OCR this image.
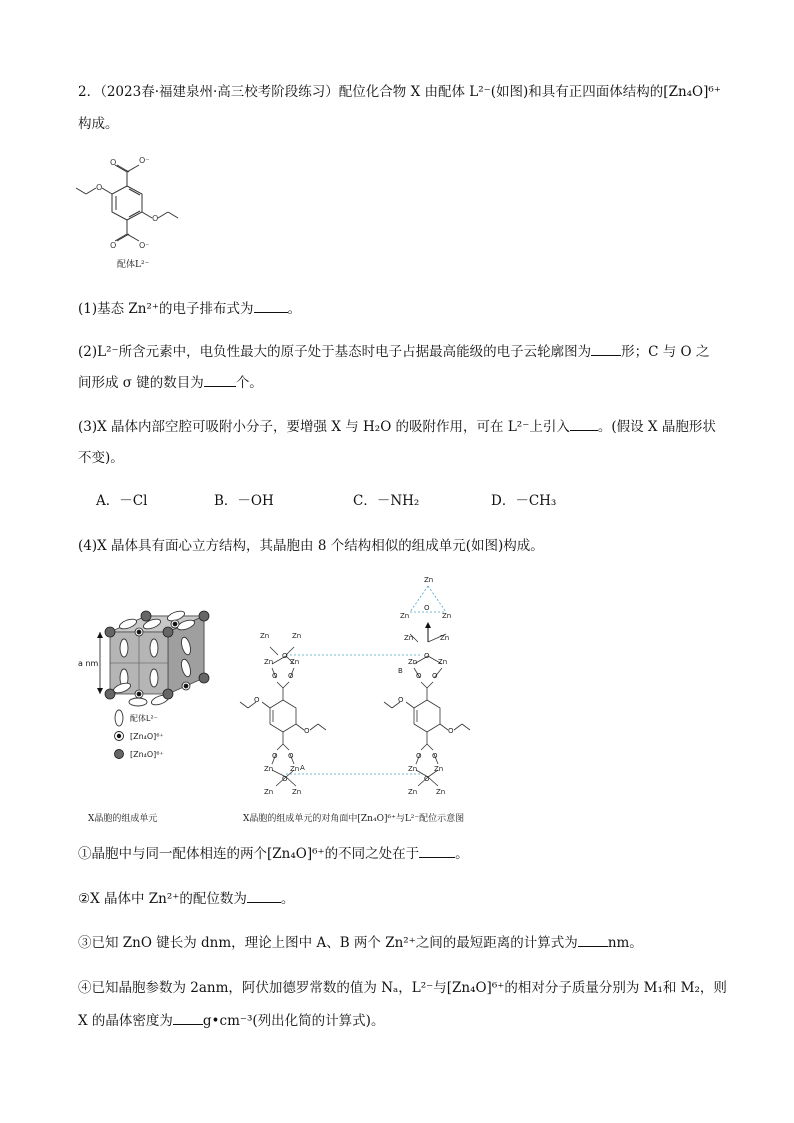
2．（2023春·福建泉州·高三校考阶段练习）配位化合物 X 由配体 L²⁻(如图)和具有正四面体结构的[Zn₄O]⁶⁺
构成。
O	O⁻
O
O
O	O⁻
配体L²⁻
(1)基态 Zn²⁺的电子排布式为	。
(2)L²⁻所含元素中，电负性最大的原子处于基态时电子占据最高能级的电子云轮廓图为 形；C 与 O 之
间形成 σ 键的数目为 个。
(3)X 晶体内部空腔可吸附小分子，要增强 X 与 H₂O 的吸附作用，可在 L²⁻上引入 。(假设 X 晶胞形状
不变)。
A．－Cl	B．－OH	C．－NH₂	D．－CH₃
(4)X 晶体具有面心立方结构，其晶胞由 8 个结构相似的组成单元(如图)构成。
a nm
配体L²⁻
[Zn₄O]⁶⁺
[Zn₄O]⁶⁺
X晶胞的组成单元
Zn
O
Zn	Zn
Zn	Zn
O
Zn Zn
O O
O
O
O O
Zn Zn A
O
Zn	Zn
Zn	Zn
O
Zn	Zn
B
O O
O
O
O O
Zn Zn
O
Zn	Zn
X晶胞的组成单元的对角面中[Zn₄O]⁶⁺与L²⁻配位示意图
①晶胞中与同一配体相连的两个[Zn₄O]⁶⁺的不同之处在于	。
②X 晶体中 Zn²⁺的配位数为	。
③已知 ZnO 键长为 dnm，理论上图中 A、B 两个 Zn²⁺之间的最短距离的计算式为 nm。
④已知晶胞参数为 2anm，阿伏加德罗常数的值为 Nₐ，L²⁻与[Zn₄O]⁶⁺的相对分子质量分别为 M₁和 M₂，则
X 的晶体密度为 g•cm⁻³(列出化简的计算式)。
